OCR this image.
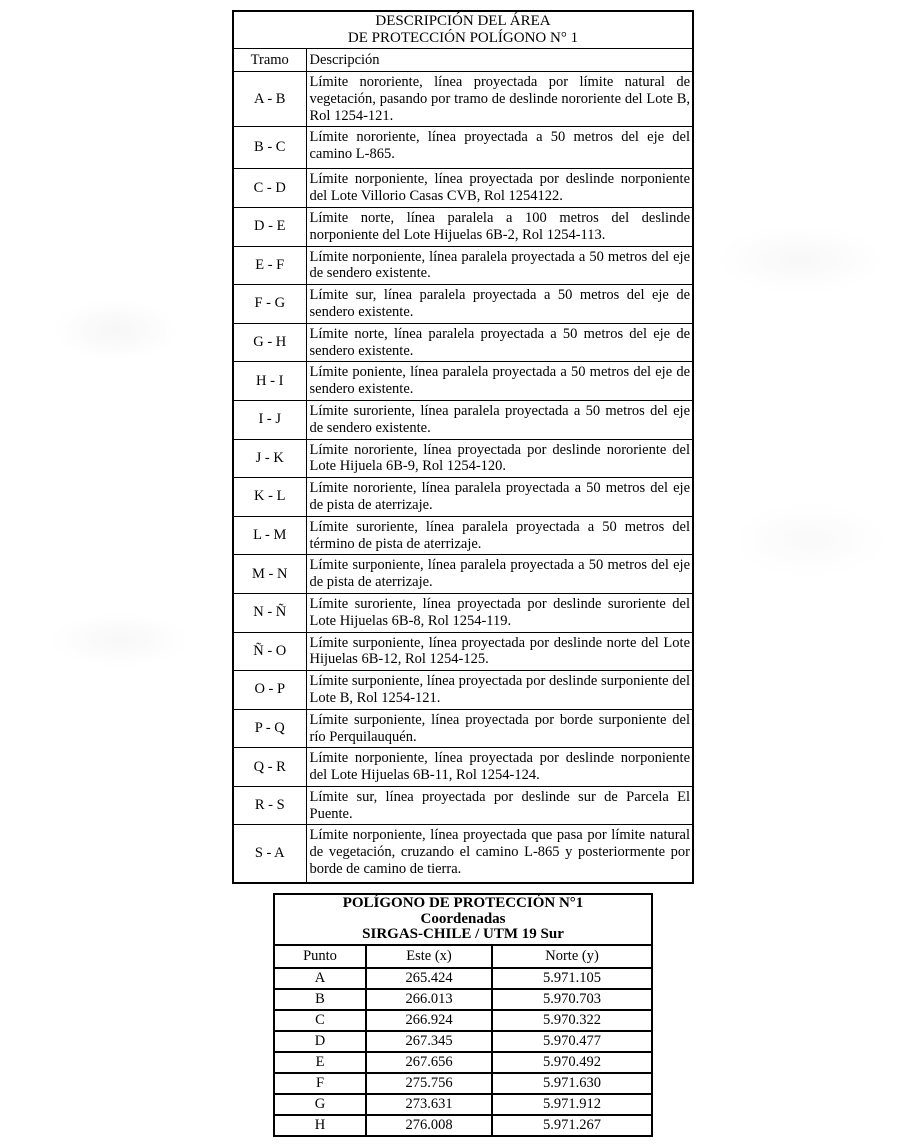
DESCRIPCIÓN DEL ÁREA
DE PROTECCIÓN POLÍGONO N° 1	

Tramo	Descripción
A - B	Límite nororiente, línea proyectada por límite natural de vegetación, pasando por tramo de deslinde nororiente del Lote B, Rol 1254-121.
B - C	Límite nororiente, línea proyectada a 50 metros del eje del camino L-865.
C - D	Límite norponiente, línea proyectada por deslinde norponiente del Lote Villorio Casas CVB, Rol 1254122.
D - E	Límite norte, línea paralela a 100 metros del deslinde norponiente del Lote Hijuelas 6B-2, Rol 1254-113.
E - F	Límite norponiente, línea paralela proyectada a 50 metros del eje de sendero existente.
F - G	Límite sur, línea paralela proyectada a 50 metros del eje de sendero existente.
G - H	Límite norte, línea paralela proyectada a 50 metros del eje de sendero existente.
H - I	Límite poniente, línea paralela proyectada a 50 metros del eje de sendero existente.
I - J	Límite suroriente, línea paralela proyectada a 50 metros del eje de sendero existente.
J - K	Límite nororiente, línea proyectada por deslinde nororiente del Lote Hijuela 6B-9, Rol 1254-120.
K - L	Límite nororiente, línea paralela proyectada a 50 metros del eje de pista de aterrizaje.
L - M	Límite suroriente, línea paralela proyectada a 50 metros del término de pista de aterrizaje.
M - N	Límite surponiente, línea paralela proyectada a 50 metros del eje de pista de aterrizaje.
N - Ñ	Límite suroriente, línea proyectada por deslinde suroriente del Lote Hijuelas 6B-8, Rol 1254-119.
Ñ - O	Límite surponiente, línea proyectada por deslinde norte del Lote Hijuelas 6B-12, Rol 1254-125.
O - P	Límite surponiente, línea proyectada por deslinde surponiente del Lote B, Rol 1254-121.
P - Q	Límite surponiente, línea proyectada por borde surponiente del río Perquilauquén.
Q - R	Límite norponiente, línea proyectada por deslinde norponiente del Lote Hijuelas 6B-11, Rol 1254-124.
R - S	Límite sur, línea proyectada por deslinde sur de Parcela El Puente.
S - A	Límite norponiente, línea proyectada que pasa por límite natural de vegetación, cruzando el camino L-865 y posteriormente por borde de camino de tierra.
POLÍGONO DE PROTECCIÓN N°1
Coordenadas
SIRGAS-CHILE / UTM 19 Sur		

Punto	Este (x)	Norte (y)
A	265.424	5.971.105
B	266.013	5.970.703
C	266.924	5.970.322
D	267.345	5.970.477
E	267.656	5.970.492
F	275.756	5.971.630
G	273.631	5.971.912
H	276.008	5.971.267
